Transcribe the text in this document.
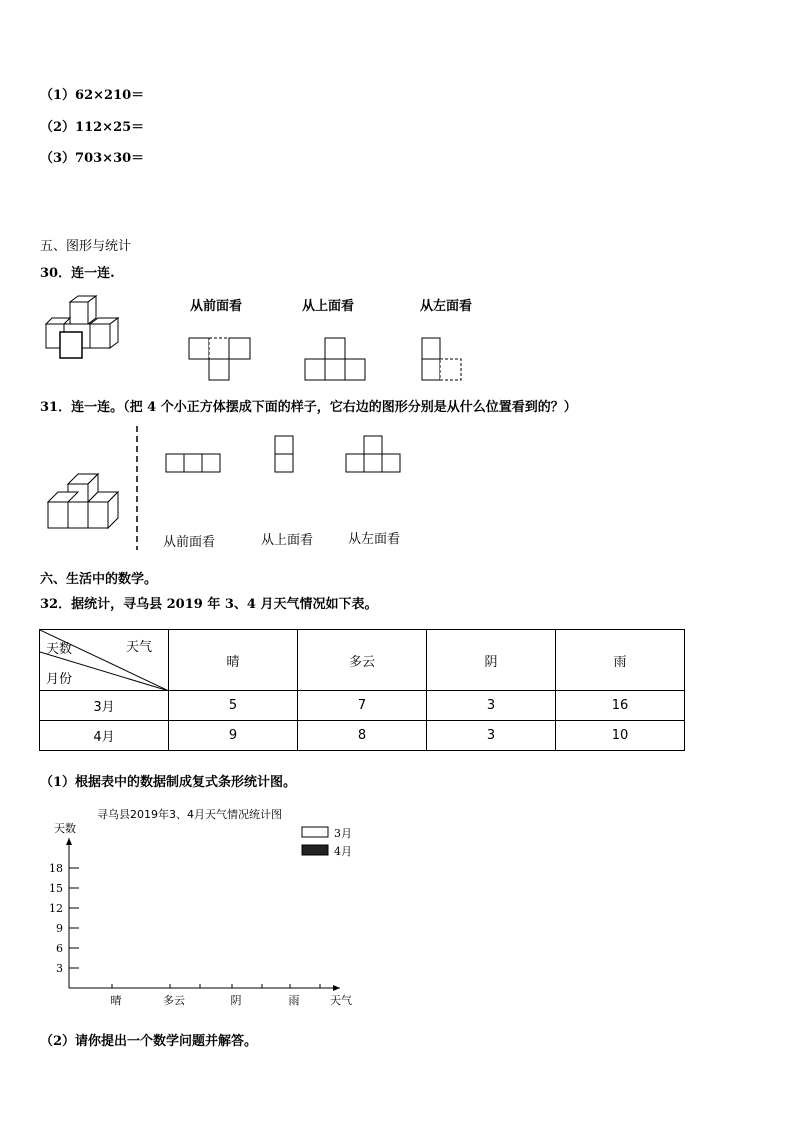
（1）62×210＝
（2）112×25＝
（3）703×30＝
五、图形与统计
30．连一连.
从前面看	从上面看	从左面看
31．连一连。（把 4 个小正方体摆成下面的样子，它右边的图形分别是从什么位置看到的？）
从前面看	从上面看	从左面看
六、生活中的数学。
32．据统计，寻乌县 2019 年 3、4 月天气情况如下表。
天气
天数
月份	晴	多云	阴	雨
3月	5	7	3	16
4月	9	8	3	10
（1）根据表中的数据制成复式条形统计图。
寻乌县2019年3、4月天气情况统计图
天数
天气
3
6
9
12
15
18
晴	多云	阴	雨
3月
4月
（2）请你提出一个数学问题并解答。
